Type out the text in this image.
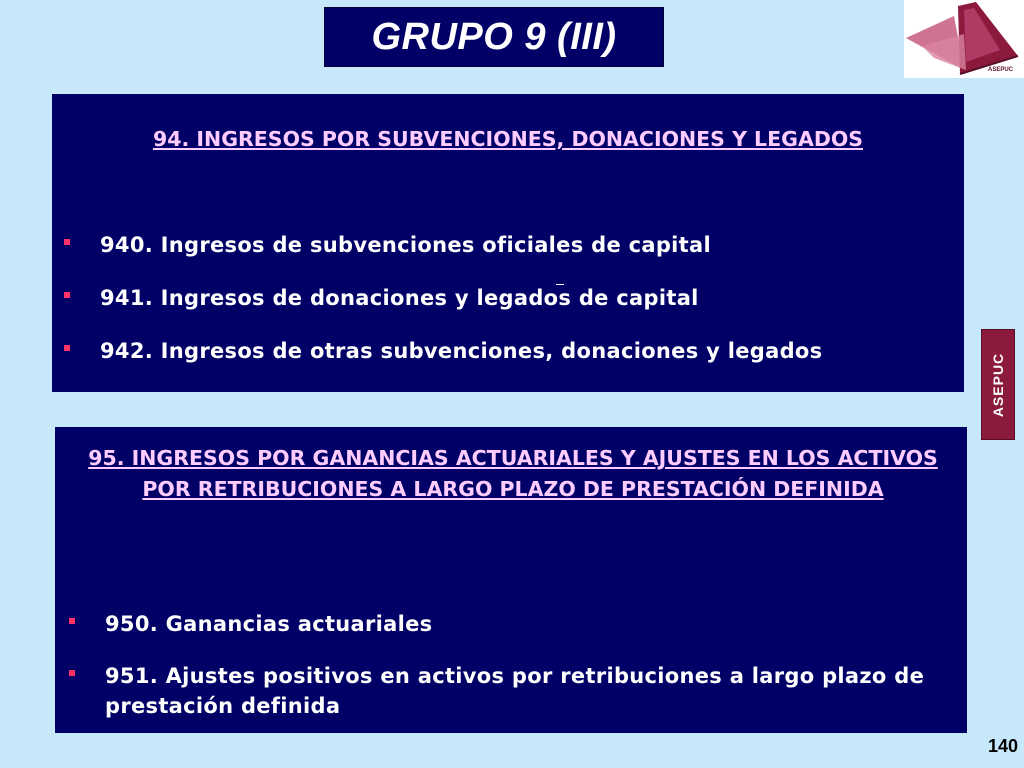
GRUPO 9 (III)
ASEPUC
94. INGRESOS POR SUBVENCIONES, DONACIONES Y LEGADOS
940. Ingresos de subvenciones oficiales de capital
941. Ingresos de donaciones y legados de capital
942. Ingresos de otras subvenciones, donaciones y legados
ASEPUC
95. INGRESOS POR GANANCIAS ACTUARIALES Y AJUSTES EN LOS ACTIVOS POR RETRIBUCIONES A LARGO PLAZO DE PRESTACIÓN DEFINIDA
950. Ganancias actuariales
951. Ajustes positivos en activos por retribuciones a largo plazo de prestación definida
140
